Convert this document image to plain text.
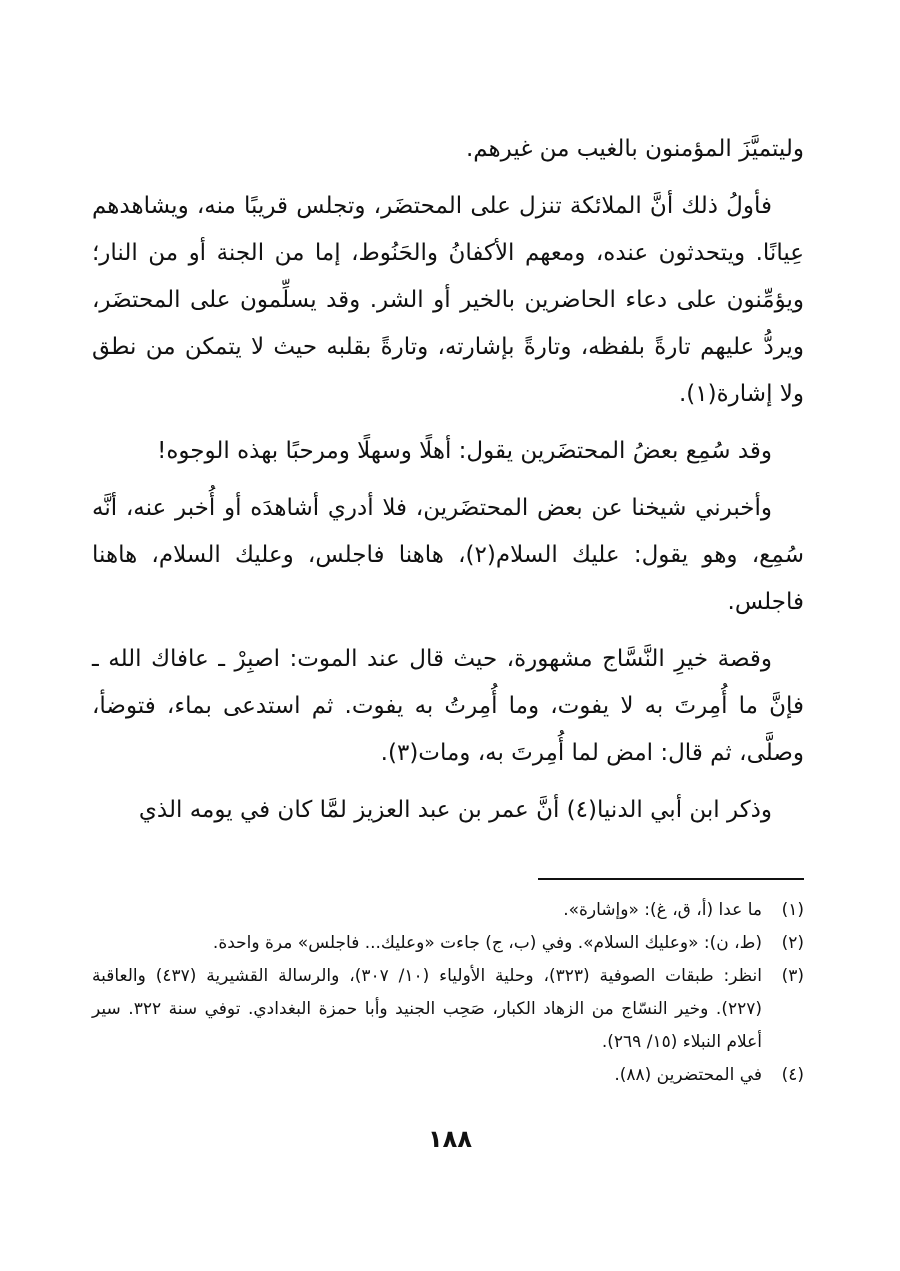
وليتميَّزَ المؤمنون بالغيب من غيرهم.

فأولُ ذلك أنَّ الملائكة تنزل على المحتضَر، وتجلس قريبًا منه، ويشاهدهم عِيانًا. ويتحدثون عنده، ومعهم الأكفانُ والحَنُوط، إما من الجنة أو من النار؛ ويؤمِّنون على دعاء الحاضرين بالخير أو الشر. وقد يسلِّمون على المحتضَر، ويردُّ عليهم تارةً بلفظه، وتارةً بإشارته، وتارةً بقلبه حيث لا يتمكن من نطق ولا إشارة(١).

وقد سُمِع بعضُ المحتضَرين يقول: أهلًا وسهلًا ومرحبًا بهذه الوجوه!

وأخبرني شيخنا عن بعض المحتضَرين، فلا أدري أشاهدَه أو أُخبر عنه، أنَّه سُمِع، وهو يقول: عليك السلام(٢)، هاهنا فاجلس، وعليك السلام، هاهنا فاجلس.

وقصة خيرِ النَّسَّاج مشهورة، حيث قال عند الموت: اصبِرْ ـ عافاك الله ـ فإنَّ ما أُمِرتَ به لا يفوت، وما أُمِرتُ به يفوت. ثم استدعى بماء، فتوضأ، وصلَّى، ثم قال: امض لما أُمِرتَ به، ومات(٣).

وذكر ابن أبي الدنيا(٤) أنَّ عمر بن عبد العزيز لمَّا كان في يومه الذي

(١)
ما عدا (أ، ق، غ): «وإشارة».
(٢)
(ط، ن): «وعليك السلام». وفي (ب، ج) جاءت «وعليك... فاجلس» مرة واحدة.
(٣)
انظر: طبقات الصوفية (٣٢٣)، وحلية الأولياء (١٠/ ٣٠٧)، والرسالة القشيرية (٤٣٧) والعاقبة (٢٢٧). وخير النسّاج من الزهاد الكبار، صَحِب الجنيد وأبا حمزة البغدادي. توفي سنة ٣٢٢. سير أعلام النبلاء (١٥/ ٢٦٩).
(٤)
في المحتضرين (٨٨).
١٨٨
